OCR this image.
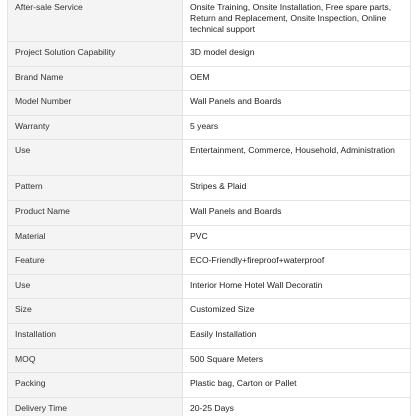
After-sale Service	Onsite Training, Onsite Installation, Free spare parts, Return and Replacement, Onsite Inspection, Online technical support
Project Solution Capability	3D model design
Brand Name	OEM
Model Number	Wall Panels and Boards
Warranty	5 years
Use	Entertainment, Commerce, Household, Administration
Pattern	Stripes & Plaid
Product Name	Wall Panels and Boards
Material	PVC
Feature	ECO-Friendly+fireproof+waterproof
Use	Interior Home Hotel Wall Decoratin
Size	Customized Size
Installation	Easily Installation
MOQ	500 Square Meters
Packing	Plastic bag, Carton or Pallet
Delivery Time	20-25 Days
